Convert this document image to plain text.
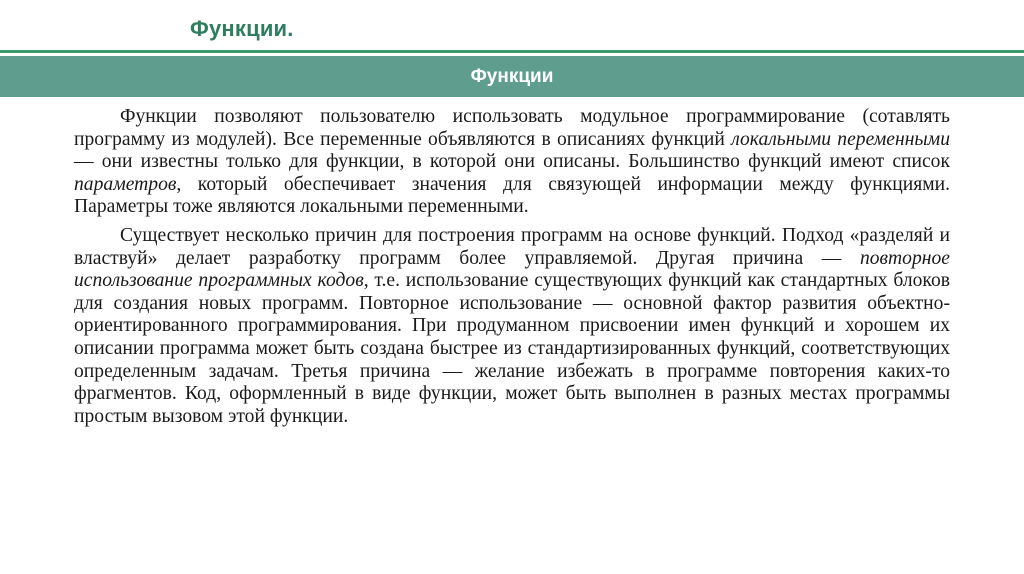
Функции.
Функции

Функции позволяют пользователю использовать модульное программирование (сотавлять программу из модулей). Все переменные объявляются в описаниях функций локальными переменными — они известны только для функции, в которой они описаны. Большинство функций имеют список параметров, который обеспечивает значения для связующей информации между функциями. Параметры тоже являются локальными переменными.

Существует несколько причин для построения программ на основе функций. Подход «разделяй и властвуй» делает разработку программ более управляемой. Другая причина — повторное использование программных кодов, т.е. использование существующих функций как стандартных блоков для создания новых программ. Повторное использование — основной фактор развития объектно-ориентированного программирования. При продуманном присвоении имен функций и хорошем их описании программа может быть создана быстрее из стандартизированных функций, соответствующих определенным задачам. Третья причина — желание избежать в программе повторения каких-то фрагментов. Код, оформленный в виде функции, может быть выполнен в разных местах программы простым вызовом этой функции.
